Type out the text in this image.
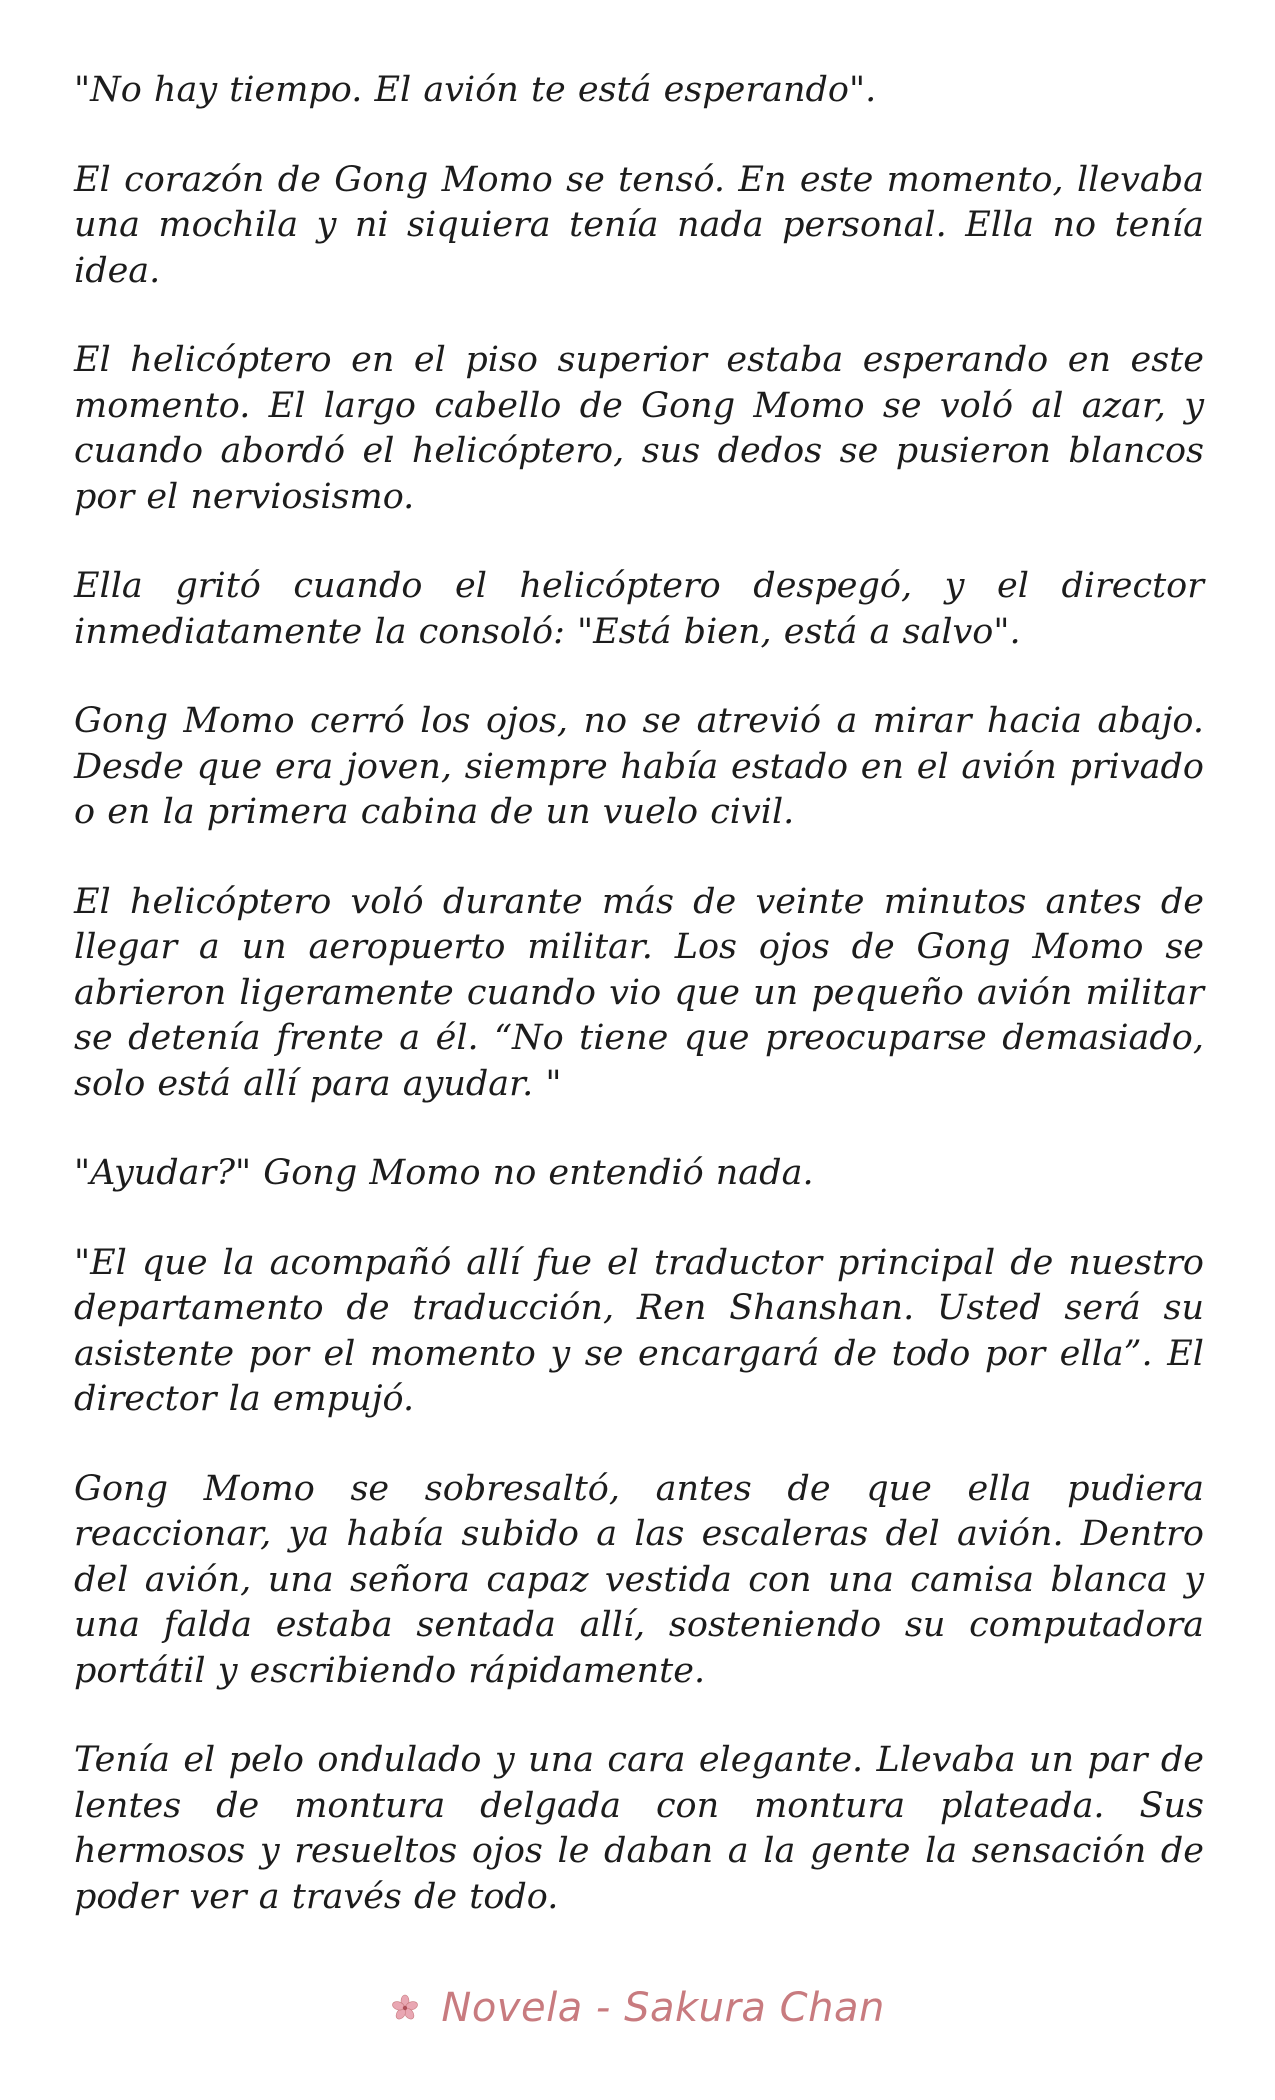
"No hay tiempo. El avión te está esperando".

El corazón de Gong Momo se tensó. En este momento, llevaba una mochila y ni siquiera tenía nada personal. Ella no tenía idea.

El helicóptero en el piso superior estaba esperando en este momento. El largo cabello de Gong Momo se voló al azar, y cuando abordó el helicóptero, sus dedos se pusieron blancos por el nerviosismo.

Ella gritó cuando el helicóptero despegó, y el director inmediatamente la consoló: "Está bien, está a salvo".

Gong Momo cerró los ojos, no se atrevió a mirar hacia abajo. Desde que era joven, siempre había estado en el avión privado o en la primera cabina de un vuelo civil.

El helicóptero voló durante más de veinte minutos antes de llegar a un aeropuerto militar. Los ojos de Gong Momo se abrieron ligeramente cuando vio que un pequeño avión militar se detenía frente a él. “No tiene que preocuparse demasiado, solo está allí para ayudar. "

"Ayudar?" Gong Momo no entendió nada.

"El que la acompañó allí fue el traductor principal de nuestro departamento de traducción, Ren Shanshan. Usted será su asistente por el momento y se encargará de todo por ella”. El director la empujó.

Gong Momo se sobresaltó, antes de que ella pudiera reaccionar, ya había subido a las escaleras del avión. Dentro del avión, una señora capaz vestida con una camisa blanca y una falda estaba sentada allí, sosteniendo su computadora portátil y escribiendo rápidamente.

Tenía el pelo ondulado y una cara elegante. Llevaba un par de lentes de montura delgada con montura plateada. Sus hermosos y resueltos ojos le daban a la gente la sensación de poder ver a través de todo.

Novela - Sakura Chan
